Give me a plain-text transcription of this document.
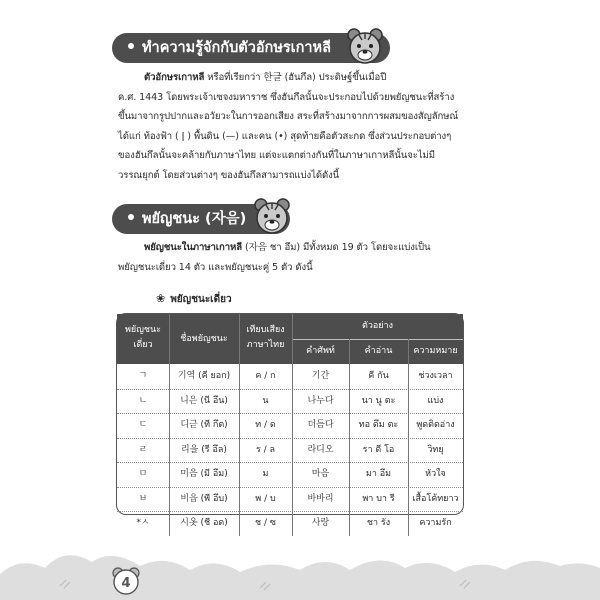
ทำความรู้จักกับตัวอักษรเกาหลี

ตัวอักษรเกาหลี หรือที่เรียกว่า 한글 (ฮันกึล) ประดิษฐ์ขึ้นเมื่อปี

ค.ศ. 1443 โดยพระเจ้าเซจงมหาราช ซึ่งฮันกึลนั้นจะประกอบไปด้วยพยัญชนะที่สร้าง

ขึ้นมาจากรูปปากและอวัยวะในการออกเสียง สระที่สร้างมาจากการผสมของสัญลักษณ์

ได้แก่ ท้องฟ้า ( ǀ ) พื้นดิน (—) และคน (•) สุดท้ายคือตัวสะกด ซึ่งส่วนประกอบต่างๆ

ของฮันกึลนั้นจะคล้ายกับภาษาไทย แต่จะแตกต่างกันที่ในภาษาเกาหลีนั้นจะไม่มี

วรรณยุกต์ โดยส่วนต่างๆ ของฮันกึลสามารถแบ่งได้ดังนี้

พยัญชนะ (자음)

พยัญชนะในภาษาเกาหลี (자음 ชา อึม) มีทั้งหมด 19 ตัว โดยจะแบ่งเป็น

พยัญชนะเดี่ยว 14 ตัว และพยัญชนะคู่ 5 ตัว ดังนี้

❀ พยัญชนะเดี่ยว
พยัญชนะเดี่ยว
ชื่อพยัญชนะ
เทียบเสียงภาษาไทย
ตัวอย่าง
คำศัพท์	คำอ่าน	ความหมาย
ㄱ	기역 (คี ยอก)	ค / ก	기간	คี กัน	ช่วงเวลา
ㄴ	니은 (นี อึน)	น	나누다	นา นู ตะ	แบ่ง
ㄷ	디귿 (ที กึต)	ท / ด	더듬다	ทอ ดึม ตะ	พูดติดอ่าง
ㄹ	리을 (รี อึล)	ร / ล	라디오	รา ดี โอ	วิทยุ
ㅁ	미음 (มี อึม)	ม	마음	มา อึม	หัวใจ
ㅂ	비읍 (พี อึบ)	พ / บ	바바리	พา บา รี	เสื้อโค้ทยาว
*ㅅ	시옷 (ชี อด)	ช / ซ	사랑	ชา รัง	ความรัก
4
